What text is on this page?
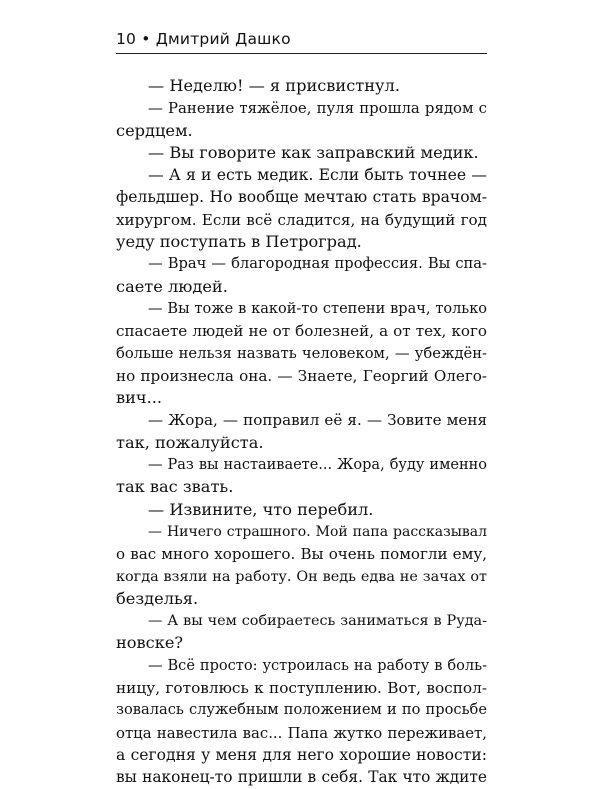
10 • Дмитрий Дашко
— Неделю! — я присвистнул.
— Ранение тяжёлое, пуля прошла рядом с
сердцем.
— Вы говорите как заправский медик.
— А я и есть медик. Если быть точнее —
фельдшер. Но вообще мечтаю стать врачом-
хирургом. Если всё сладится, на будущий год
уеду поступать в Петроград.
— Врач — благородная профессия. Вы спа-
саете людей.
— Вы тоже в какой-то степени врач, только
спасаете людей не от болезней, а от тех, кого
больше нельзя назвать человеком, — убеждён-
но произнесла она. — Знаете, Георгий Олего-
вич...
— Жора, — поправил её я. — Зовите меня
так, пожалуйста.
— Раз вы настаиваете... Жора, буду именно
так вас звать.
— Извините, что перебил.
— Ничего страшного. Мой папа рассказывал
о вас много хорошего. Вы очень помогли ему,
когда взяли на работу. Он ведь едва не зачах от
безделья.
— А вы чем собираетесь заниматься в Руда-
новске?
— Всё просто: устроилась на работу в боль-
ницу, готовлюсь к поступлению. Вот, воспол-
зовалась служебным положением и по просьбе
отца навестила вас... Папа жутко переживает,
а сегодня у меня для него хорошие новости:
вы наконец-то пришли в себя. Так что ждите
